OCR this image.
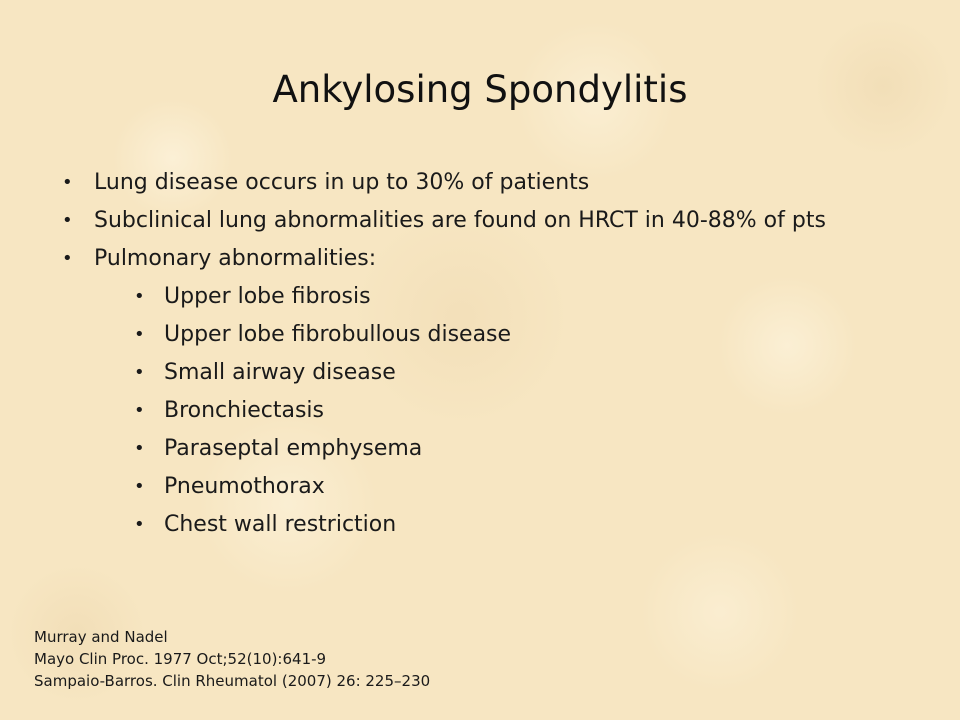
Ankylosing Spondylitis
• Lung disease occurs in up to 30% of patients
• Subclinical lung abnormalities are found on HRCT in 40-88% of pts
• Pulmonary abnormalities:
• Upper lobe fibrosis
• Upper lobe fibrobullous disease
• Small airway disease
• Bronchiectasis
• Paraseptal emphysema
• Pneumothorax
• Chest wall restriction
Murray and Nadel
Mayo Clin Proc. 1977 Oct;52(10):641-9
Sampaio-Barros. Clin Rheumatol (2007) 26: 225–230
